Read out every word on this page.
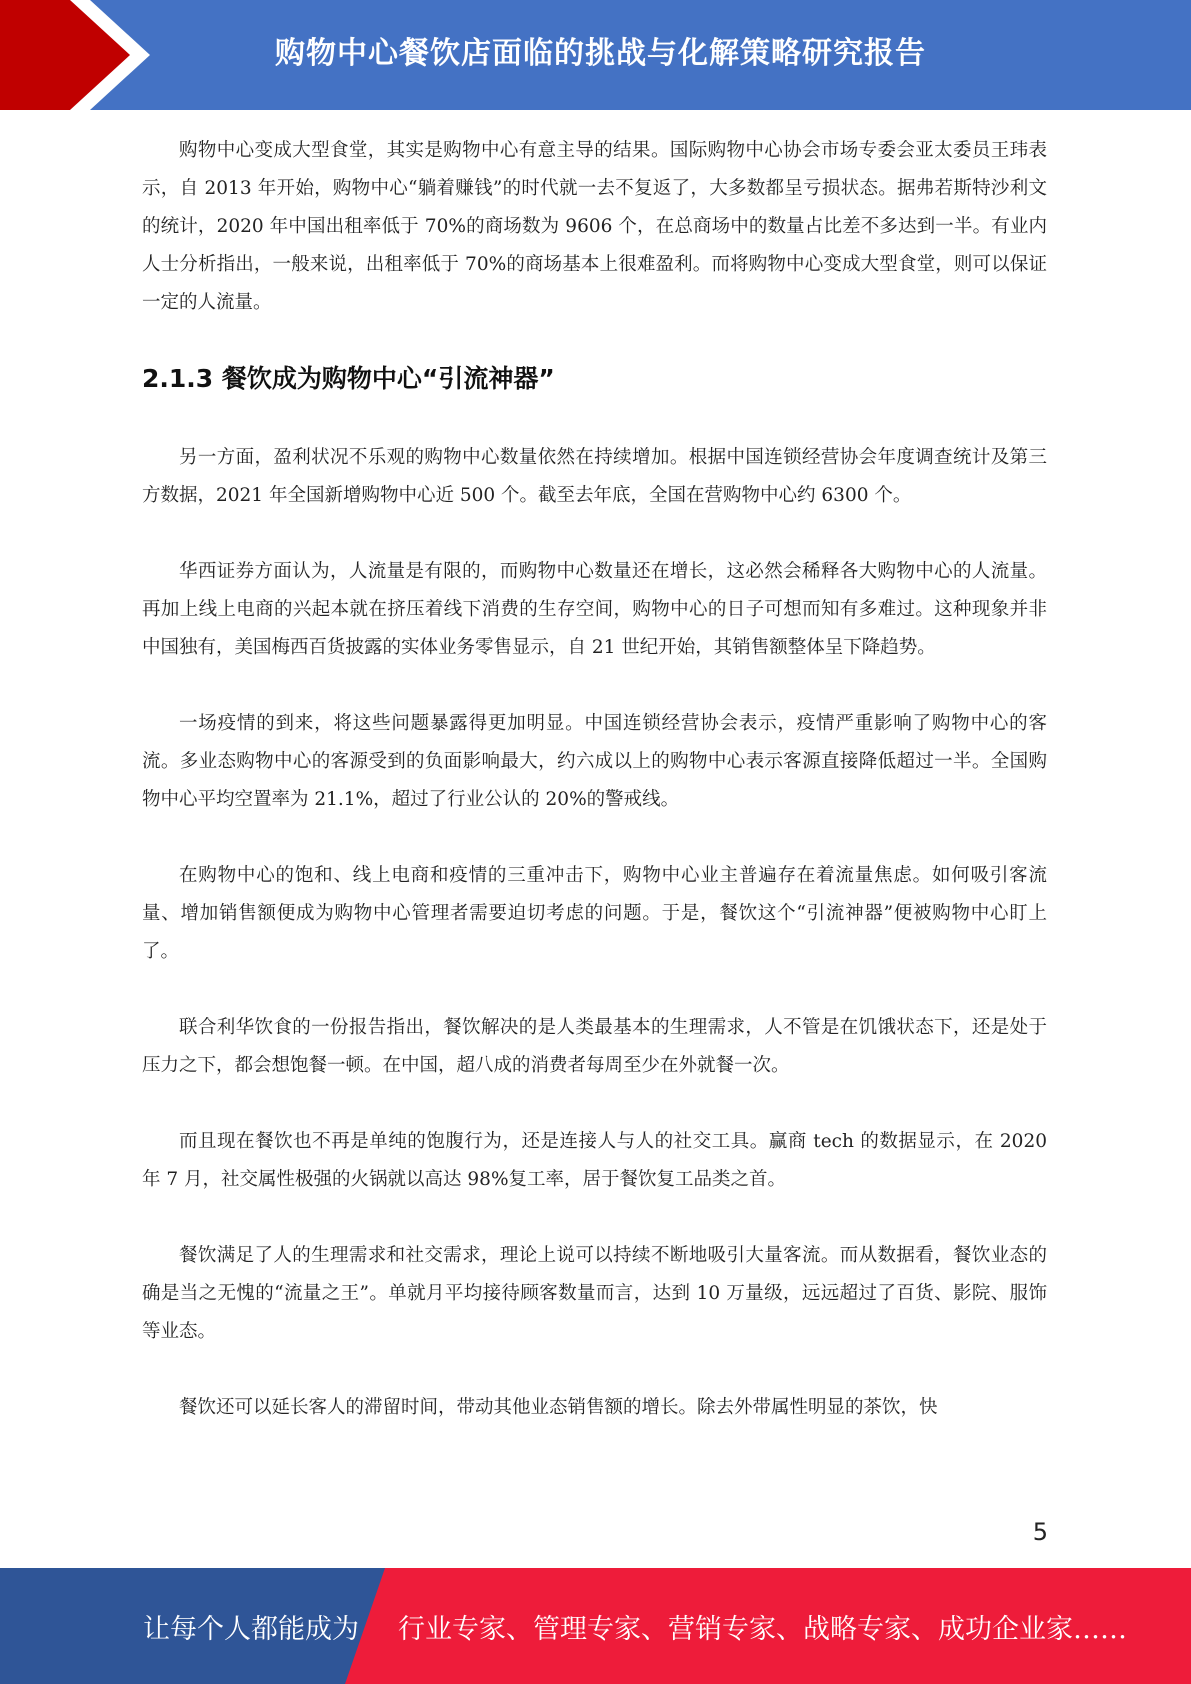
购物中心餐饮店面临的挑战与化解策略研究报告

购物中心变成大型食堂，其实是购物中心有意主导的结果。国际购物中心协会市场专委会亚太委员王玮表示，自 2013 年开始，购物中心“躺着赚钱”的时代就一去不复返了，大多数都呈亏损状态。据弗若斯特沙利文的统计，2020 年中国出租率低于 70%的商场数为 9606 个，在总商场中的数量占比差不多达到一半。有业内人士分析指出，一般来说，出租率低于 70%的商场基本上很难盈利。而将购物中心变成大型食堂，则可以保证一定的人流量。

2.1.3 餐饮成为购物中心“引流神器”

另一方面，盈利状况不乐观的购物中心数量依然在持续增加。根据中国连锁经营协会年度调查统计及第三方数据，2021 年全国新增购物中心近 500 个。截至去年底，全国在营购物中心约 6300 个。

华西证券方面认为，人流量是有限的，而购物中心数量还在增长，这必然会稀释各大购物中心的人流量。再加上线上电商的兴起本就在挤压着线下消费的生存空间，购物中心的日子可想而知有多难过。这种现象并非中国独有，美国梅西百货披露的实体业务零售显示，自 21 世纪开始，其销售额整体呈下降趋势。

一场疫情的到来，将这些问题暴露得更加明显。中国连锁经营协会表示，疫情严重影响了购物中心的客流。多业态购物中心的客源受到的负面影响最大，约六成以上的购物中心表示客源直接降低超过一半。全国购物中心平均空置率为 21.1%，超过了行业公认的 20%的警戒线。

在购物中心的饱和、线上电商和疫情的三重冲击下，购物中心业主普遍存在着流量焦虑。如何吸引客流量、增加销售额便成为购物中心管理者需要迫切考虑的问题。于是，餐饮这个“引流神器”便被购物中心盯上了。

联合利华饮食的一份报告指出，餐饮解决的是人类最基本的生理需求，人不管是在饥饿状态下，还是处于压力之下，都会想饱餐一顿。在中国，超八成的消费者每周至少在外就餐一次。

而且现在餐饮也不再是单纯的饱腹行为，还是连接人与人的社交工具。赢商 tech 的数据显示，在 2020 年 7 月，社交属性极强的火锅就以高达 98%复工率，居于餐饮复工品类之首。

餐饮满足了人的生理需求和社交需求，理论上说可以持续不断地吸引大量客流。而从数据看，餐饮业态的确是当之无愧的“流量之王”。单就月平均接待顾客数量而言，达到 10 万量级，远远超过了百货、影院、服饰等业态。

餐饮还可以延长客人的滞留时间，带动其他业态销售额的增长。除去外带属性明显的茶饮，快

5
让每个人都能成为 行业专家、管理专家、营销专家、战略专家、成功企业家……
